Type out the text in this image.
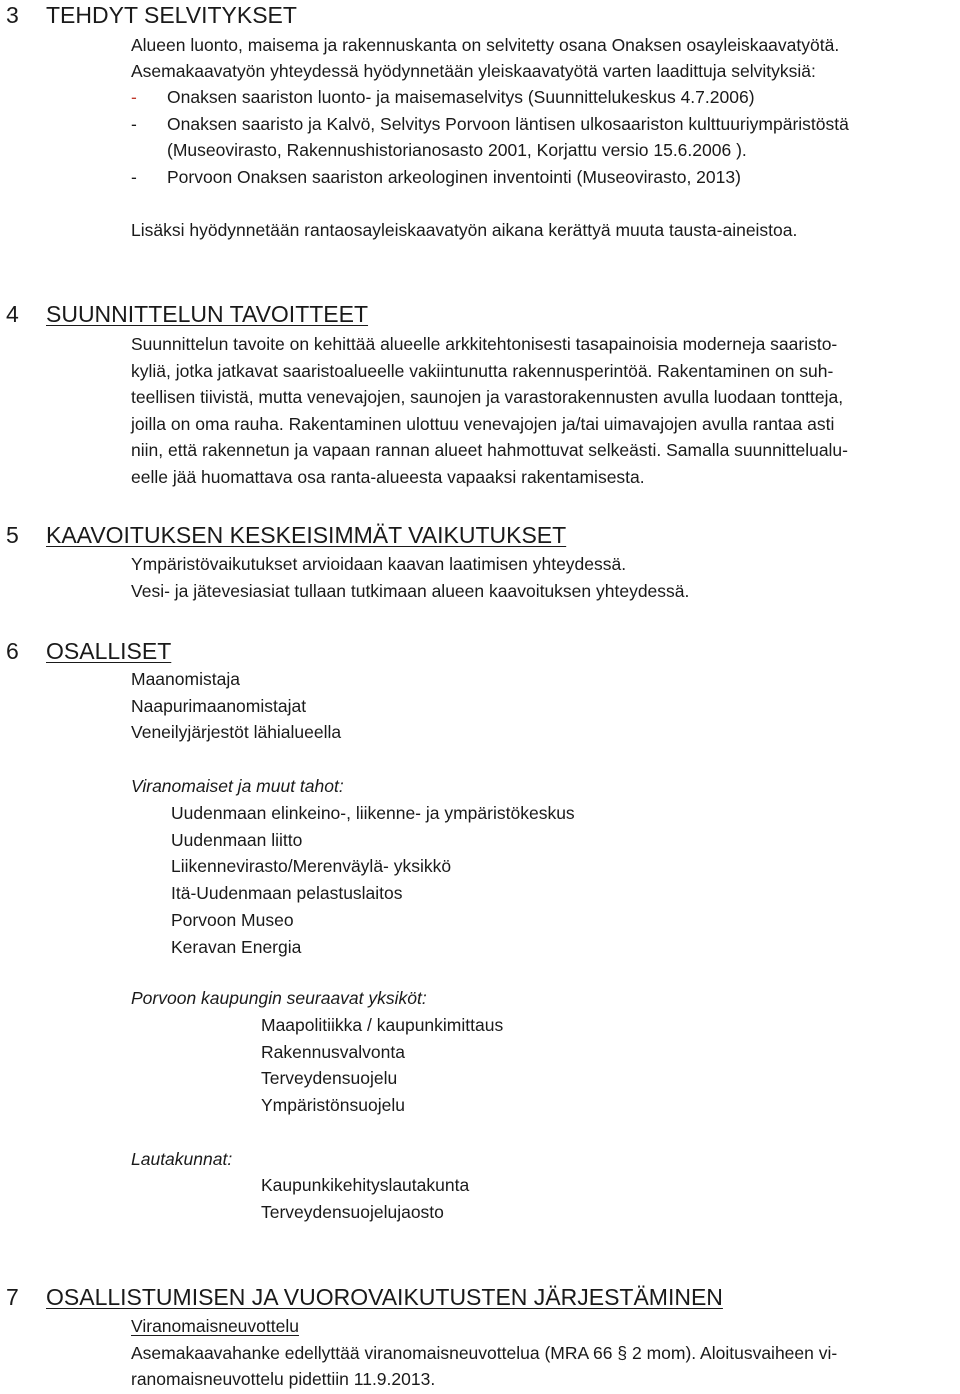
3 TEHDYT SELVITYKSET
Alueen luonto, maisema ja rakennuskanta on selvitetty osana Onaksen osayleiskaavatyötä.
Asemakaavatyön yhteydessä hyödynnetään yleiskaavatyötä varten laadittuja selvityksiä:
- Onaksen saariston luonto- ja maisemaselvitys (Suunnittelukeskus 4.7.2006)
- Onaksen saaristo ja Kalvö, Selvitys Porvoon läntisen ulkosaariston kulttuuriympäristöstä
(Museovirasto, Rakennushistorianosasto 2001, Korjattu versio 15.6.2006 ).
- Porvoon Onaksen saariston arkeologinen inventointi (Museovirasto, 2013)
Lisäksi hyödynnetään rantaosayleiskaavatyön aikana kerättyä muuta tausta-aineistoa.
4 SUUNNITTELUN TAVOITTEET
Suunnittelun tavoite on kehittää alueelle arkkitehtonisesti tasapainoisia moderneja saaristo-
kyliä, jotka jatkavat saaristoalueelle vakiintunutta rakennusperintöä. Rakentaminen on suh-
teellisen tiivistä, mutta venevajojen, saunojen ja varastorakennusten avulla luodaan tontteja,
joilla on oma rauha. Rakentaminen ulottuu venevajojen ja/tai uimavajojen avulla rantaa asti
niin, että rakennetun ja vapaan rannan alueet hahmottuvat selkeästi. Samalla suunnittelualu-
eelle jää huomattava osa ranta-alueesta vapaaksi rakentamisesta.
5 KAAVOITUKSEN KESKEISIMMÄT VAIKUTUKSET
Ympäristövaikutukset arvioidaan kaavan laatimisen yhteydessä.
Vesi- ja jätevesiasiat tullaan tutkimaan alueen kaavoituksen yhteydessä.
6 OSALLISET
Maanomistaja
Naapurimaanomistajat
Veneilyjärjestöt lähialueella
Viranomaiset ja muut tahot:
Uudenmaan elinkeino-, liikenne- ja ympäristökeskus
Uudenmaan liitto
Liikennevirasto/Merenväylä- yksikkö
Itä-Uudenmaan pelastuslaitos
Porvoon Museo
Keravan Energia
Porvoon kaupungin seuraavat yksiköt:
Maapolitiikka / kaupunkimittaus
Rakennusvalvonta
Terveydensuojelu
Ympäristönsuojelu
Lautakunnat:
Kaupunkikehityslautakunta
Terveydensuojelujaosto
7 OSALLISTUMISEN JA VUOROVAIKUTUSTEN JÄRJESTÄMINEN
Viranomaisneuvottelu
Asemakaavahanke edellyttää viranomaisneuvottelua (MRA 66 § 2 mom). Aloitusvaiheen vi-
ranomaisneuvottelu pidettiin 11.9.2013.
